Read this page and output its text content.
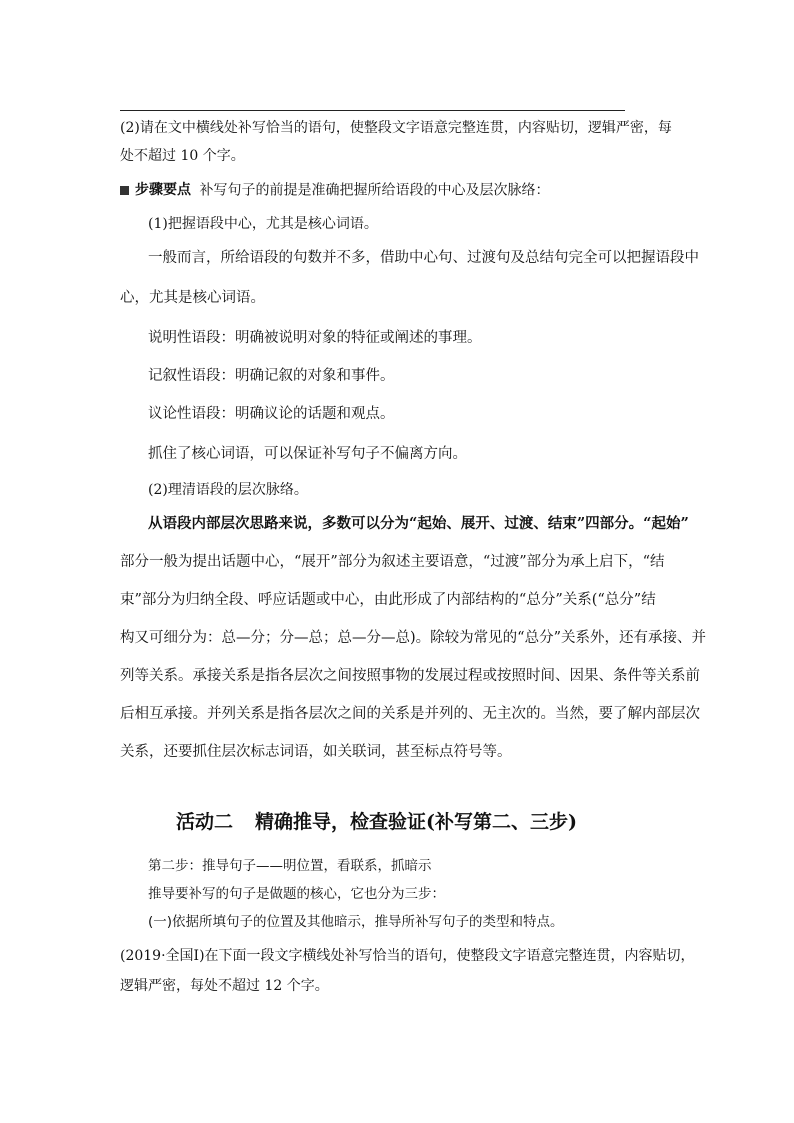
(2)请在文中横线处补写恰当的语句，使整段文字语意完整连贯，内容贴切，逻辑严密，每
处不超过 10 个字。
步骤要点 补写句子的前提是准确把握所给语段的中心及层次脉络：
(1)把握语段中心，尤其是核心词语。
一般而言，所给语段的句数并不多，借助中心句、过渡句及总结句完全可以把握语段中
心，尤其是核心词语。
说明性语段：明确被说明对象的特征或阐述的事理。
记叙性语段：明确记叙的对象和事件。
议论性语段：明确议论的话题和观点。
抓住了核心词语，可以保证补写句子不偏离方向。
(2)理清语段的层次脉络。
从语段内部层次思路来说，多数可以分为“起始、展开、过渡、结束”四部分。“起始”
部分一般为提出话题中心，“展开”部分为叙述主要语意，“过渡”部分为承上启下，“结
束”部分为归纳全段、呼应话题或中心，由此形成了内部结构的“总分”关系(“总分”结
构又可细分为：总—分；分—总；总—分—总)。除较为常见的“总分”关系外，还有承接、并
列等关系。承接关系是指各层次之间按照事物的发展过程或按照时间、因果、条件等关系前
后相互承接。并列关系是指各层次之间的关系是并列的、无主次的。当然，要了解内部层次
关系，还要抓住层次标志词语，如关联词，甚至标点符号等。
活动二 精确推导，检查验证(补写第二、三步)
第二步：推导句子——明位置，看联系，抓暗示
推导要补写的句子是做题的核心，它也分为三步：
(一)依据所填句子的位置及其他暗示，推导所补写句子的类型和特点。
(2019·全国Ⅰ)在下面一段文字横线处补写恰当的语句，使整段文字语意完整连贯，内容贴切，
逻辑严密，每处不超过 12 个字。
